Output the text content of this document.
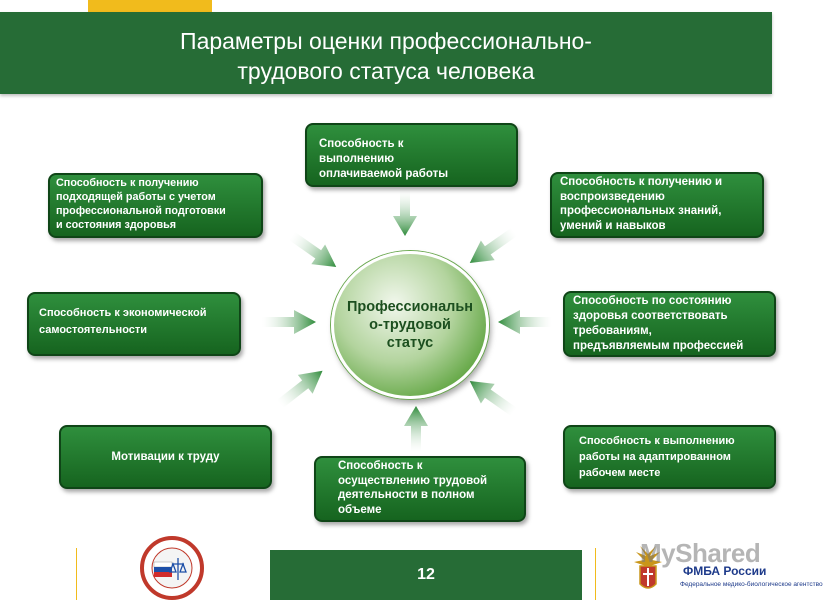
Параметры оценки профессионально-
трудового статуса человека
Способность к
выполнению
оплачиваемой работы
Способность к получению
подходящей работы с учетом
профессиональной подготовки
и состояния здоровья
Способность к получению и
воспроизведению
профессиональных знаний,
умений и навыков
Способность к экономической
самостоятельности
Способность по состоянию
здоровья соответствовать
требованиям,
предъявляемым профессией
Мотивации к труду
Способность к
осуществлению трудовой
деятельности в полном
объеме
Способность к выполнению
работы на адаптированном
рабочем месте
Профессиональн
о-трудовой
статус
12
MyShared
ФМБА России
Федеральное медико-биологическое агентство
